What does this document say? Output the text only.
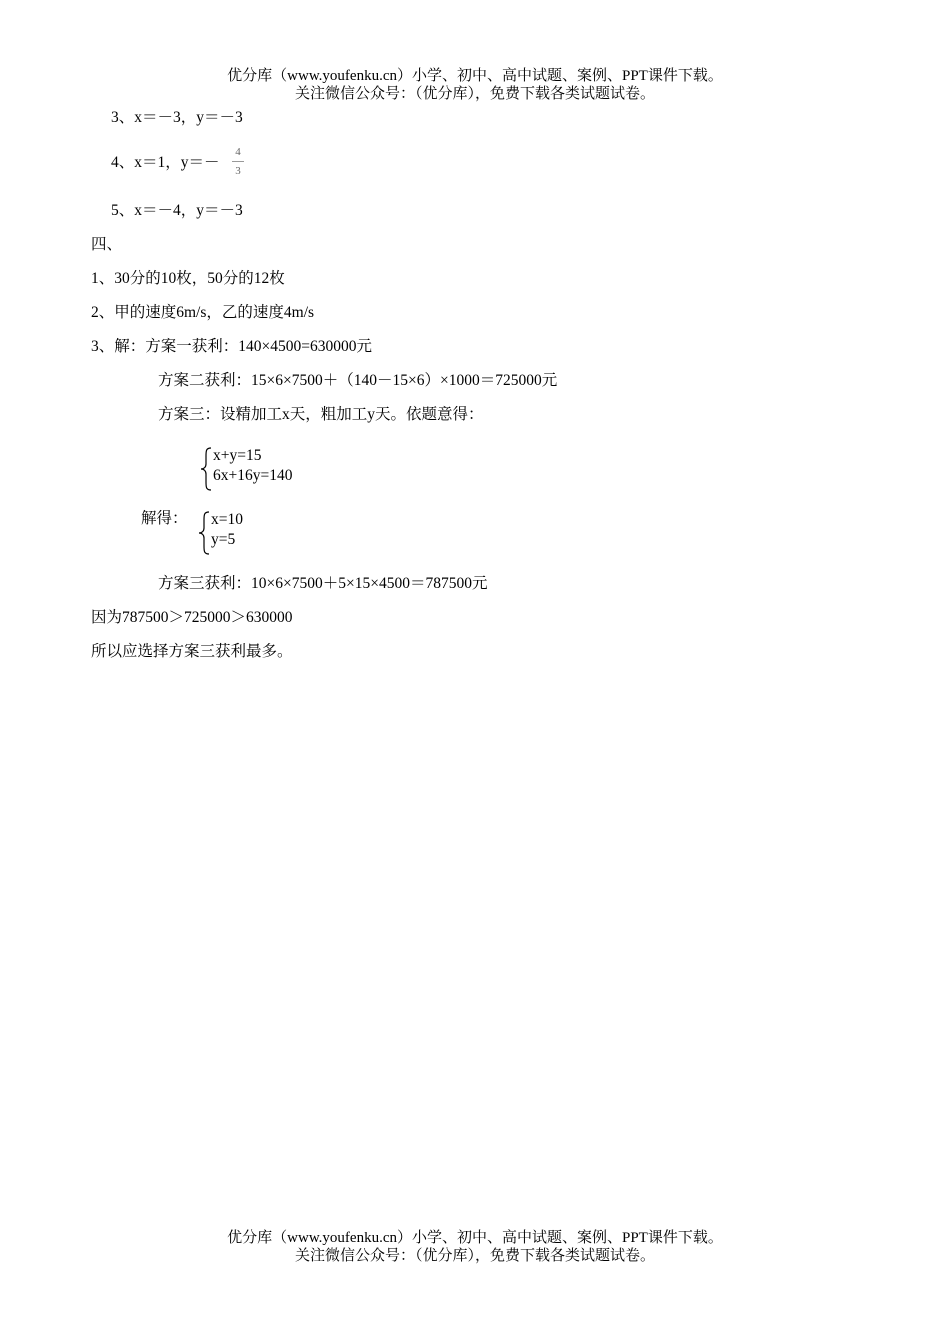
优分库（www.youfenku.cn）小学、初中、高中试题、案例、PPT课件下载。
关注微信公众号：（优分库），免费下载各类试题试卷。
3、x＝－3，y＝－3
4、x＝1，y＝－
4
3
5、x＝－4，y＝－3
四、
1、30分的10枚，50分的12枚
2、甲的速度6m/s，乙的速度4m/s
3、解：方案一获利：140×4500=630000元
方案二获利：15×6×7500＋（140－15×6）×1000＝725000元
方案三：设精加工x天，粗加工y天。依题意得：
x+y=15
6x+16y=140
解得： x=10
y=5
方案三获利：10×6×7500＋5×15×4500＝787500元
因为787500＞725000＞630000
所以应选择方案三获利最多。
优分库（www.youfenku.cn）小学、初中、高中试题、案例、PPT课件下载。
关注微信公众号：（优分库），免费下载各类试题试卷。
